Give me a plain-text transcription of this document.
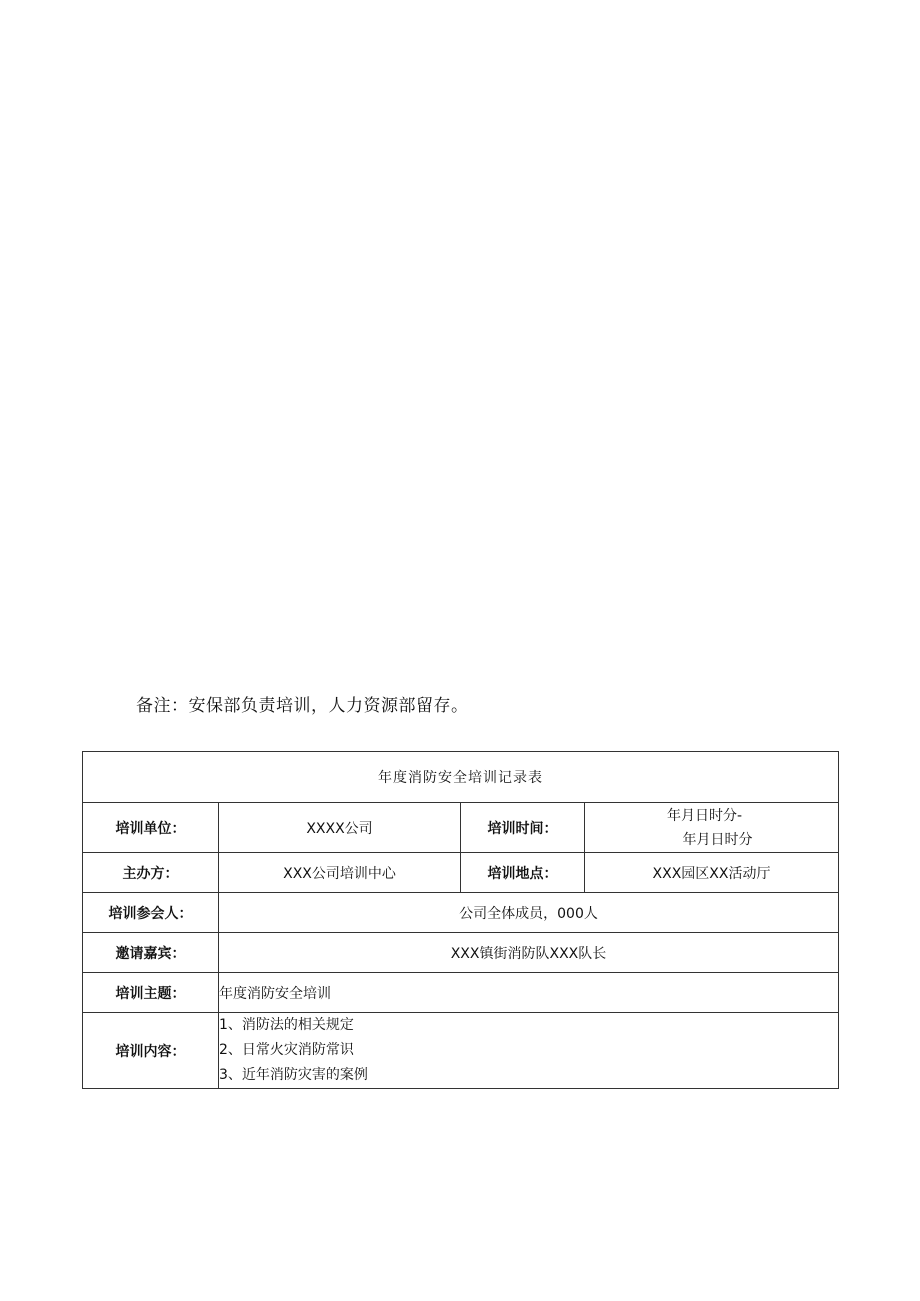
备注：安保部负责培训，人力资源部留存。
年度消防安全培训记录表			
培训单位：	XXXX公司	培训时间：	年月日时分-
年月日时分

主办方：	XXX公司培训中心	培训地点：	XXX园区XX活动厅
培训参会人：	公司全体成员，000人		
邀请嘉宾：	XXX镇街消防队XXX队长		
培训主题：	年度消防安全培训		
培训内容：	1、消防法的相关规定
2、日常火灾消防常识
3、近年消防灾害的案例		
